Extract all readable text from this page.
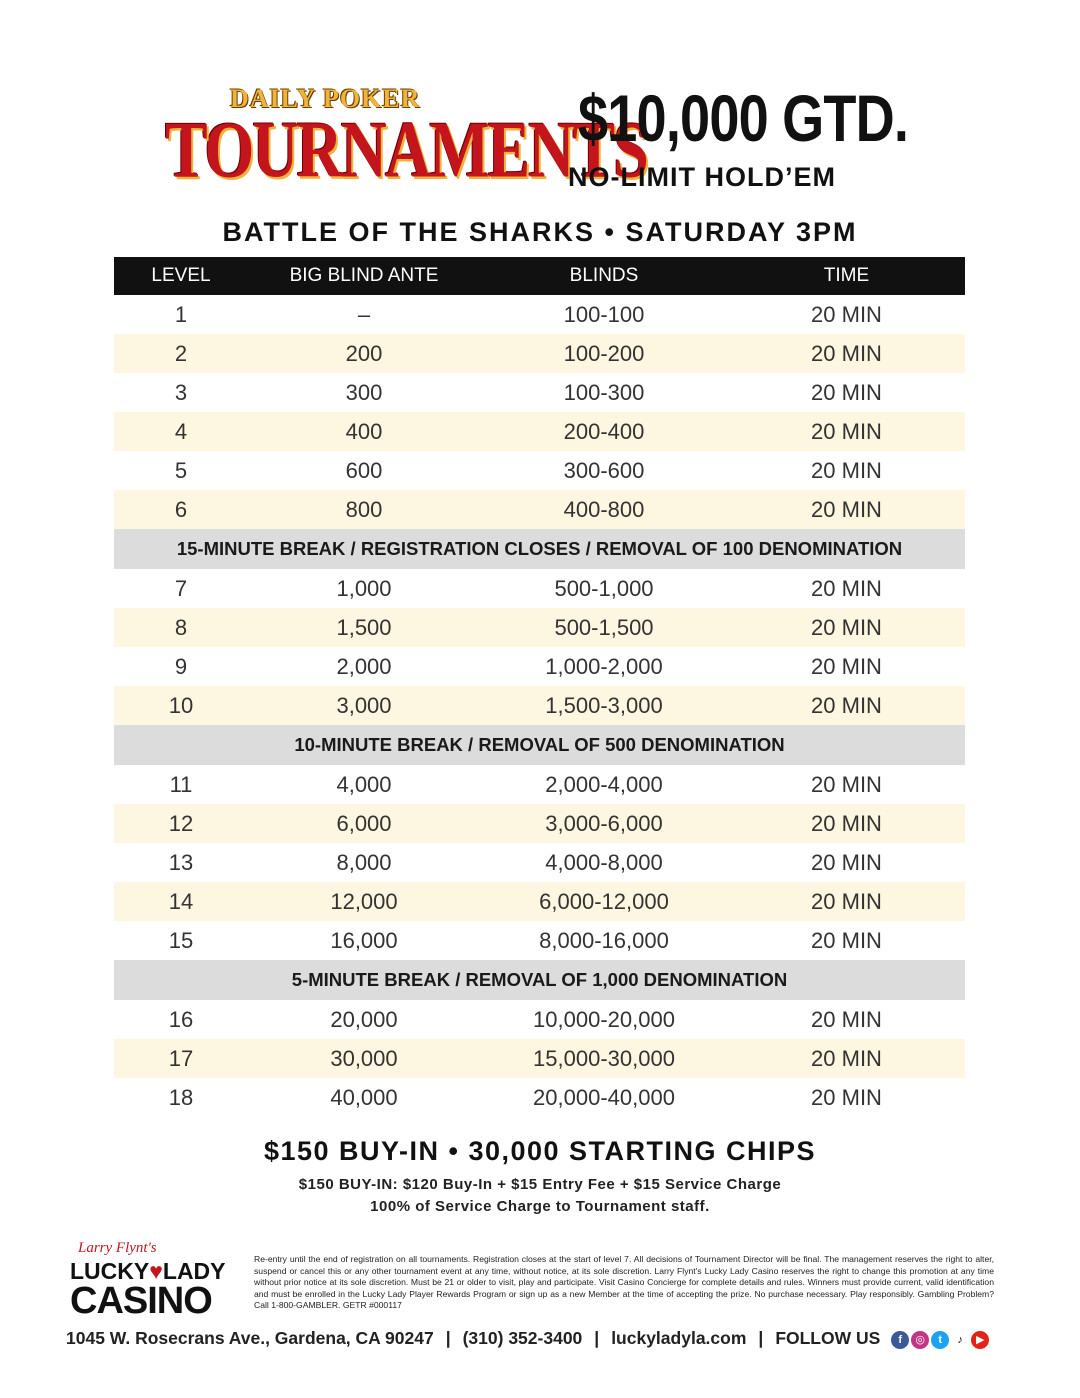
DAILY POKER
TOURNAMENTS
$10,000 GTD.
NO-LIMIT HOLD’EM
BATTLE OF THE SHARKS • SATURDAY 3PM
LEVEL	BIG BLIND ANTE	BLINDS	TIME
1	–	100-100	20 MIN
2	200	100-200	20 MIN
3	300	100-300	20 MIN
4	400	200-400	20 MIN
5	600	300-600	20 MIN
6	800	400-800	20 MIN
15-MINUTE BREAK / REGISTRATION CLOSES / REMOVAL OF 100 DENOMINATION			
7	1,000	500-1,000	20 MIN
8	1,500	500-1,500	20 MIN
9	2,000	1,000-2,000	20 MIN
10	3,000	1,500-3,000	20 MIN
10-MINUTE BREAK / REMOVAL OF 500 DENOMINATION			
11	4,000	2,000-4,000	20 MIN
12	6,000	3,000-6,000	20 MIN
13	8,000	4,000-8,000	20 MIN
14	12,000	6,000-12,000	20 MIN
15	16,000	8,000-16,000	20 MIN
5-MINUTE BREAK / REMOVAL OF 1,000 DENOMINATION			
16	20,000	10,000-20,000	20 MIN
17	30,000	15,000-30,000	20 MIN
18	40,000	20,000-40,000	20 MIN
$150 BUY-IN • 30,000 STARTING CHIPS
$150 BUY-IN: $120 Buy-In + $15 Entry Fee + $15 Service Charge
100% of Service Charge to Tournament staff.
Larry Flynt's
LUCKY♥LADY
CASINO
Re-entry until the end of registration on all tournaments. Registration closes at the start of level 7. All decisions of Tournament Director will be final. The management reserves the right to alter, suspend or cancel this or any other tournament event at any time, without notice, at its sole discretion. Larry Flynt's Lucky Lady Casino reserves the right to change this promotion at any time without prior notice at its sole discretion. Must be 21 or older to visit, play and participate. Visit Casino Concierge for complete details and rules. Winners must provide current, valid identification and must be enrolled in the Lucky Lady Player Rewards Program or sign up as a new Member at the time of accepting the prize. No purchase necessary. Play responsibly. Gambling Problem? Call 1-800-GAMBLER. GETR #000117
1045 W. Rosecrans Ave., Gardena, CA 90247 | (310) 352-3400 | luckyladyla.com | FOLLOW US f ◎ t ♪ ▶
